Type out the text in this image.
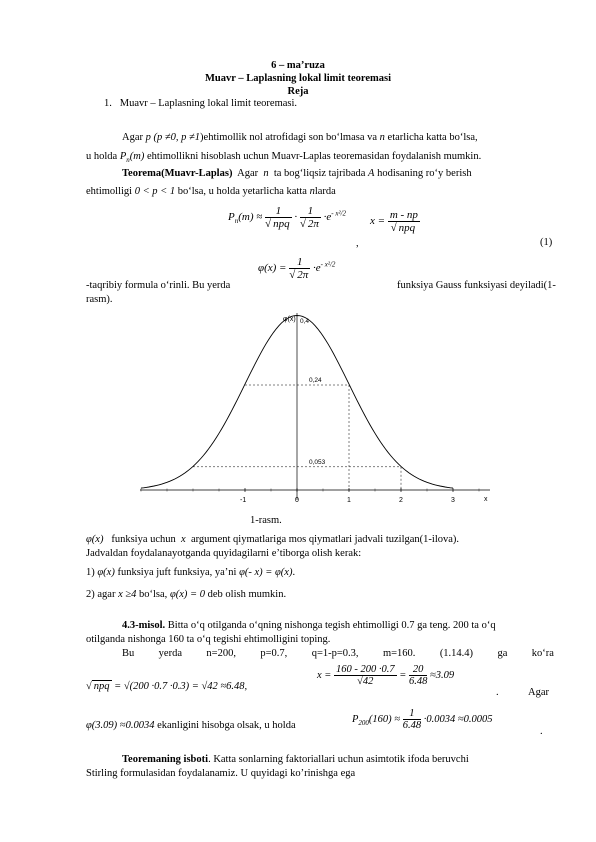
6 – ma’ruza
Muavr – Laplasning lokal limit teoremasi
Reja
1. Muavr – Laplasning lokal limit teoremasi.
Agar p (p ≠0, p ≠1)ehtimollik nol atrofidagi son bo‘lmasa va n etarlicha katta bo‘lsa,
u holda $P_n(m)$ ehtimollikni hisoblash uchun Muavr-Laplas teoremasidan foydalanish mumkin.
Teorema(Muavr-Laplas) Agar n ta bog‘liqsiz tajribada A hodisaning ro‘y berish
ehtimolligi 0 < p < 1 bo‘lsa, u holda yetarlicha katta nlarda
$P_n(m) \approx \frac{1}{\text{√ npq}} \cdot \frac{1}{√ 2\pi} \cdot e^{- x^2/2}$
$x = \frac{m - np}{\text{√ npq}}$
,	(1)
$\varphi(x) = \frac{1}{√ 2\pi} \cdot e^{- x^2/2}$
-taqribiy formula o‘rinli. Bu yerda	funksiya Gauss funksiyasi deyiladi(1-
rasm).
-1	0	1	2	3
0,4
0,24
0,053
φ(x)
x
1-rasm.
φ(x) funksiya uchun x argument qiymatlariga mos qiymatlari jadvali tuzilgan(1-ilova).
Jadvaldan foydalanayotganda quyidagilarni e’tiborga olish kerak:
1) φ(x) funksiya juft funksiya, ya’ni φ(- x) = φ(x).
2) agar x ≥4 bo‘lsa, φ(x) = 0 deb olish mumkin.
4.3-misol. Bitta o‘q otilganda o‘qning nishonga tegish ehtimolligi 0.7 ga teng. 200 ta o‘q
otilganda nishonga 160 ta o‘q tegishi ehtimolligini toping.
Bu yerda n=200, p=0.7, q=1-p=0.3, m=160. (1.14.4) ga ko‘ra
√ npq = √(200 ·0.7 ·0.3) = √42 ≈6.48,
$x = \frac{160 - 200 \cdot 0.7}{√42} = \frac{20}{6.48} \approx 3.09$
.	Agar
φ(3.09) ≈0.0034 ekanligini hisobga olsak, u holda
$P_{200}(160) \approx \frac{1}{6.48} \cdot 0.0034 \approx 0.0005$
.
Teoremaning isboti. Katta sonlarning faktoriallari uchun asimtotik ifoda beruvchi
Stirling formulasidan foydalanamiz. U quyidagi ko’rinishga ega
